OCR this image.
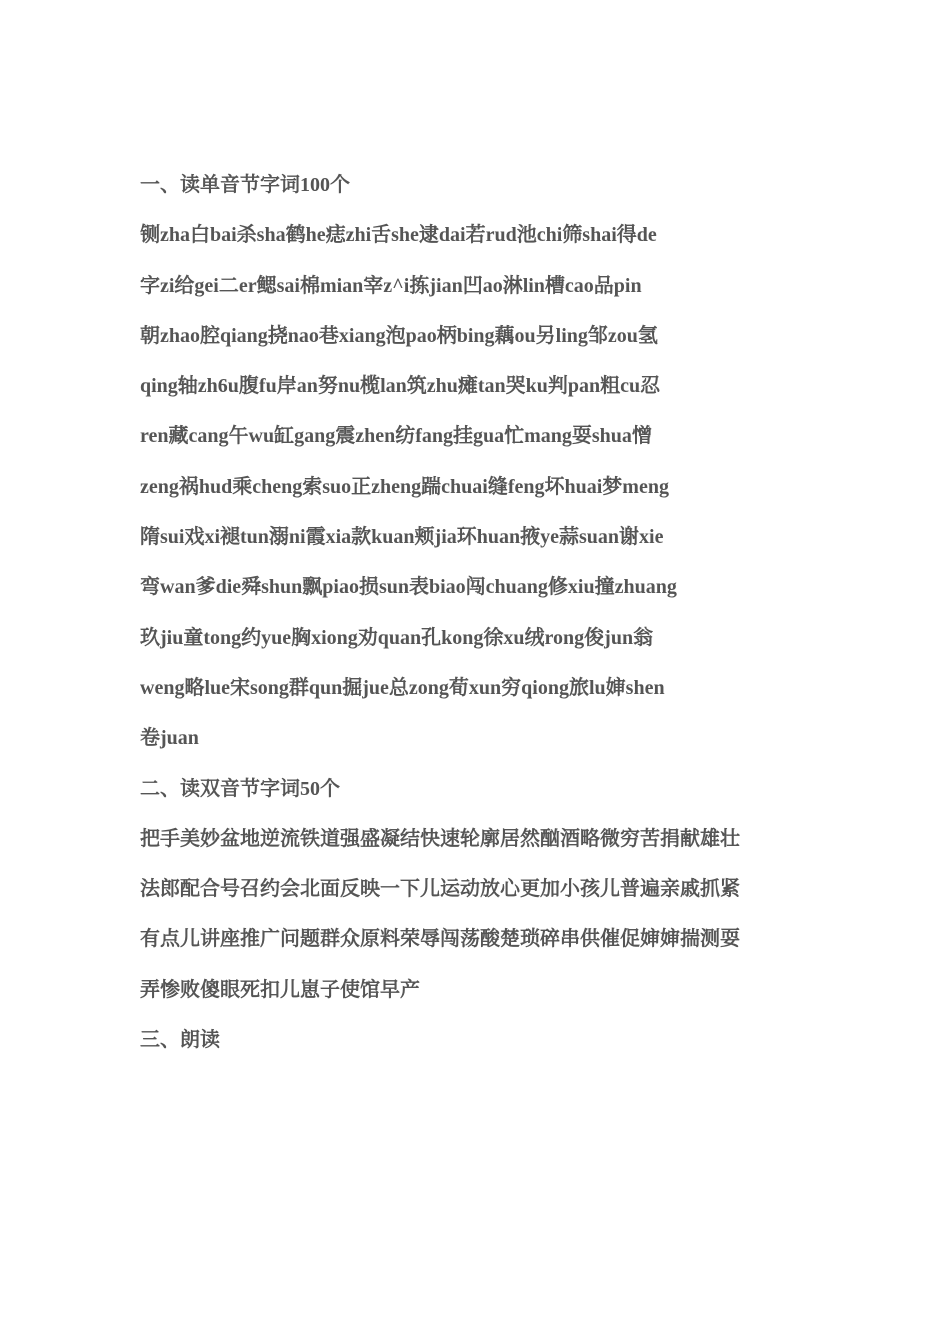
一、读单音节字词100个
铡zha白bai杀sha鹤he痣zhi舌she逮dai若rud池chi筛shai得de
字zi给gei二er鳃sai棉mian宰z^i拣jian凹ao淋lin槽cao品pin
朝zhao腔qiang挠nao巷xiang泡pao柄bing藕ou另ling邹zou氢
qing轴zh6u腹fu岸an努nu榄lan筑zhu瘫tan哭ku判pan粗cu忍
ren藏cang午wu缸gang震zhen纺fang挂gua忙mang耍shua憎
zeng祸hud乘cheng索suo正zheng踹chuai缝feng坏huai梦meng
隋sui戏xi褪tun溺ni霞xia款kuan颊jia环huan掖ye蒜suan谢xie
弯wan爹die舜shun飘piao损sun表biao闯chuang修xiu撞zhuang
玖jiu童tong约yue胸xiong劝quan孔kong徐xu绒rong俊jun翁
weng略lue宋song群qun掘jue总zong荀xun穷qiong旅lu婶shen
卷juan
二、读双音节字词50个
把手美妙盆地逆流铁道强盛凝结快速轮廓居然酗酒略微穷苦捐献雄壮
法郎配合号召约会北面反映一下儿运动放心更加小孩儿普遍亲戚抓紧
有点儿讲座推广问题群众原料荣辱闯荡酸楚琐碎串供催促婶婶揣测耍
弄惨败傻眼死扣儿崽子使馆早产
三、朗读
